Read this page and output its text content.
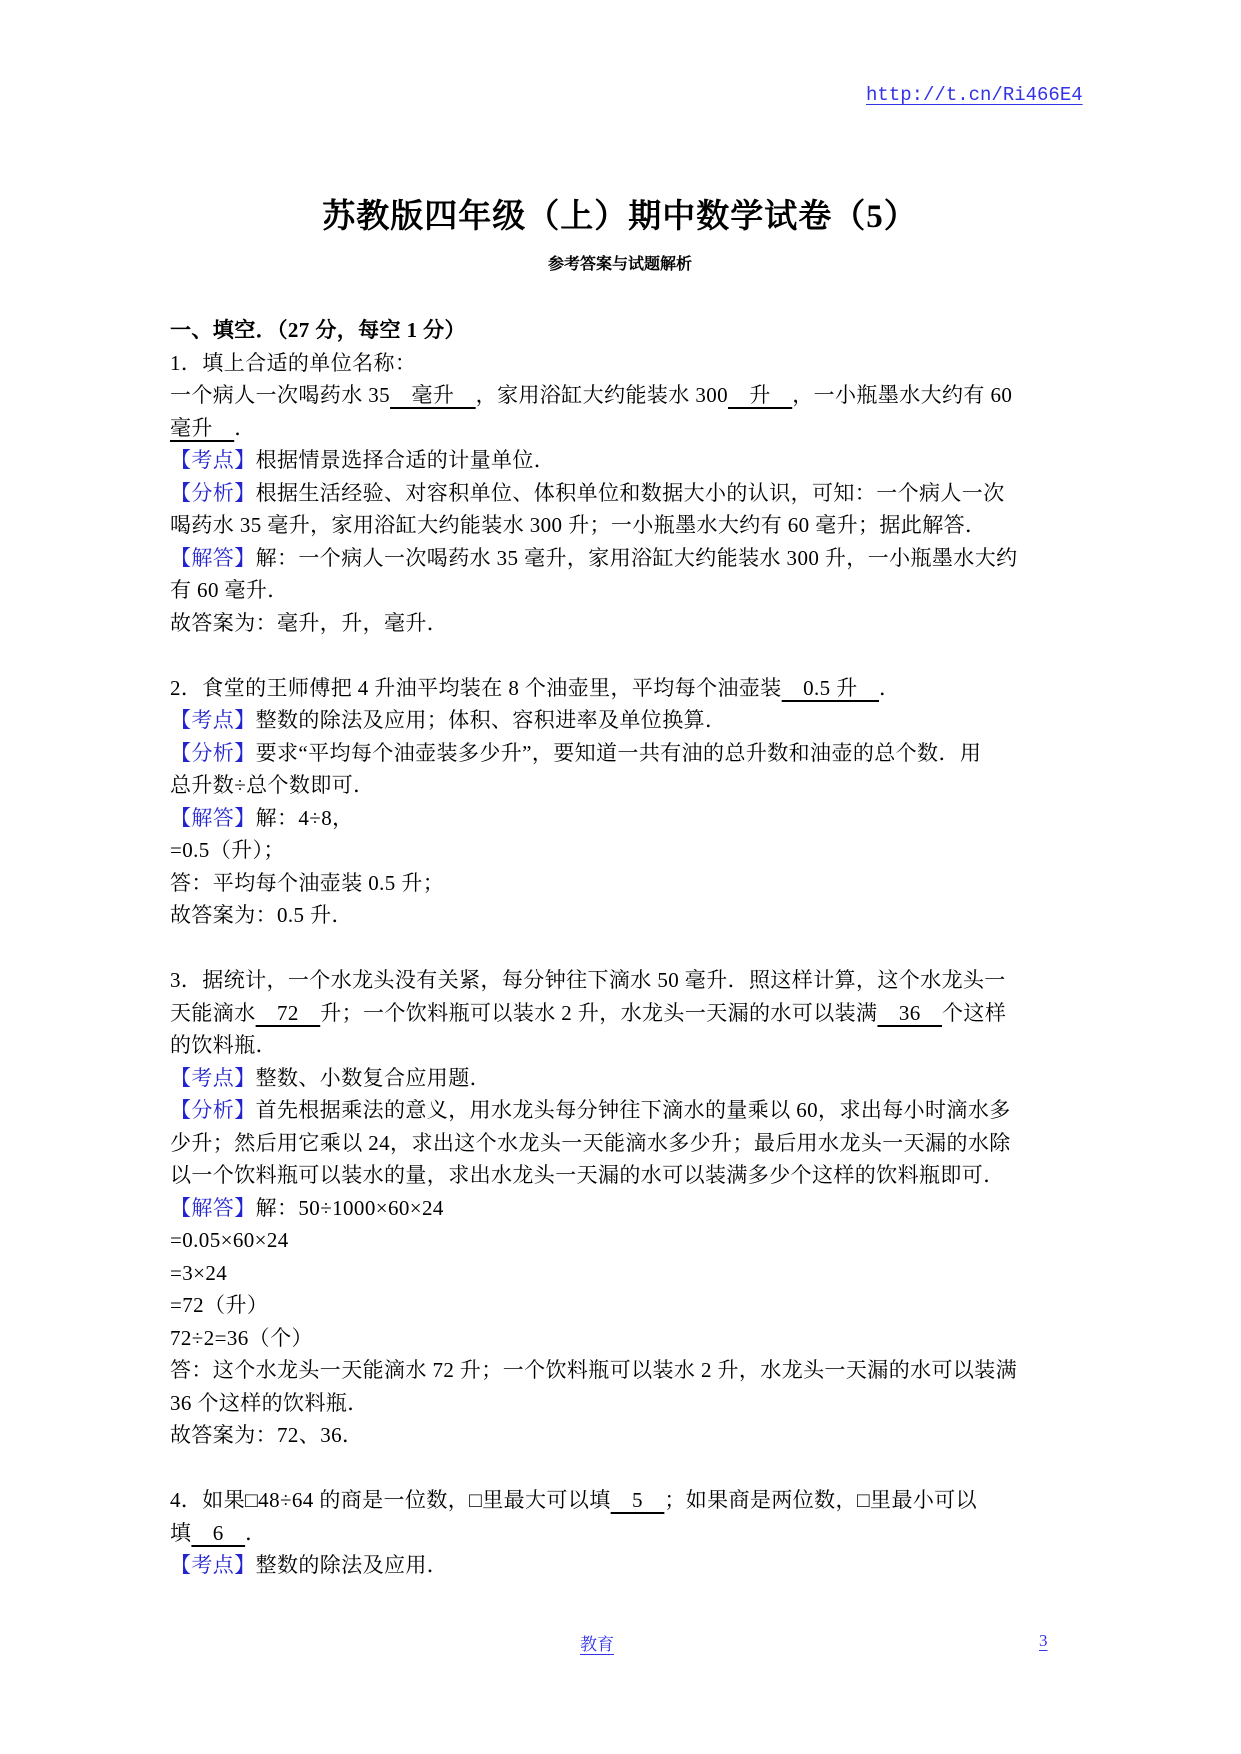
http://t.cn/Ri466E4
苏教版四年级（上）期中数学试卷（5）
参考答案与试题解析
一、填空．（27 分，每空 1 分）
1．填上合适的单位名称：
一个病人一次喝药水 35　毫升　，家用浴缸大约能装水 300　升　，一小瓶墨水大约有 60
毫升　．
【考点】根据情景选择合适的计量单位．
【分析】根据生活经验、对容积单位、体积单位和数据大小的认识，可知：一个病人一次
喝药水 35 毫升，家用浴缸大约能装水 300 升；一小瓶墨水大约有 60 毫升；据此解答．
【解答】解：一个病人一次喝药水 35 毫升，家用浴缸大约能装水 300 升，一小瓶墨水大约
有 60 毫升．
故答案为：毫升，升，毫升．
2．食堂的王师傅把 4 升油平均装在 8 个油壶里，平均每个油壶装　0.5 升　．
【考点】整数的除法及应用；体积、容积进率及单位换算．
【分析】要求“平均每个油壶装多少升”，要知道一共有油的总升数和油壶的总个数．用
总升数÷总个数即可．
【解答】解：4÷8，
=0.5（升）；
答：平均每个油壶装 0.5 升；
故答案为：0.5 升．
3．据统计，一个水龙头没有关紧，每分钟往下滴水 50 毫升．照这样计算，这个水龙头一
天能滴水　72　升；一个饮料瓶可以装水 2 升，水龙头一天漏的水可以装满　36　个这样
的饮料瓶．
【考点】整数、小数复合应用题．
【分析】首先根据乘法的意义，用水龙头每分钟往下滴水的量乘以 60，求出每小时滴水多
少升；然后用它乘以 24，求出这个水龙头一天能滴水多少升；最后用水龙头一天漏的水除
以一个饮料瓶可以装水的量，求出水龙头一天漏的水可以装满多少个这样的饮料瓶即可．
【解答】解：50÷1000×60×24
=0.05×60×24
=3×24
=72（升）
72÷2=36（个）
答：这个水龙头一天能滴水 72 升；一个饮料瓶可以装水 2 升，水龙头一天漏的水可以装满
36 个这样的饮料瓶．
故答案为：72、36．
4．如果□48÷64 的商是一位数，□里最大可以填　5　；如果商是两位数，□里最小可以
填　6　．
【考点】整数的除法及应用．
教育	3
